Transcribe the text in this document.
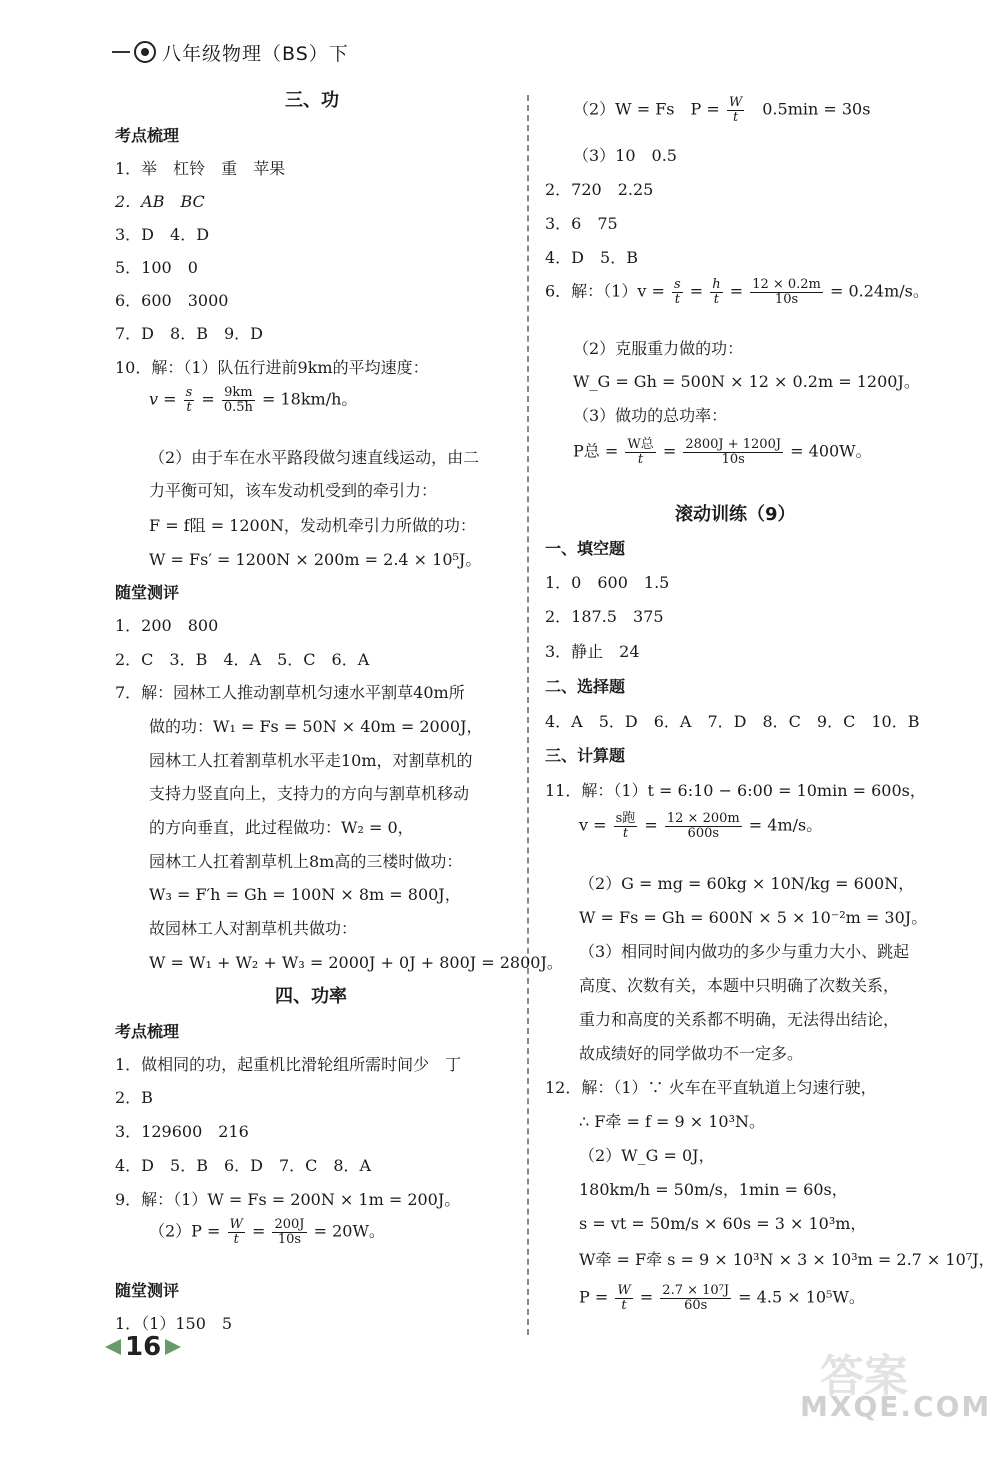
八年级物理（BS）下
三、功
考点梳理
1．举　杠铃　重　苹果
2．AB　BC
3．D　4．D
5．100　0
6．600　3000
7．D　8．B　9．D
10．解：（1）队伍行进前9km的平均速度：
$v = \frac{s}{t} = \frac{9km}{0.5h} = 18km/h$。
（2）由于车在水平路段做匀速直线运动，由二
力平衡可知，该车发动机受到的牵引力：
F = f阻 = 1200N，发动机牵引力所做的功：
W = Fs′ = 1200N × 200m = 2.4 × 10⁵J。
随堂测评
1．200　800
2．C　3．B　4．A　5．C　6．A
7．解：园林工人推动割草机匀速水平割草40m所
做的功：W₁ = Fs = 50N × 40m = 2000J，
园林工人扛着割草机水平走10m，对割草机的
支持力竖直向上，支持力的方向与割草机移动
的方向垂直，此过程做功：W₂ = 0，
园林工人扛着割草机上8m高的三楼时做功：
W₃ = F′h = Gh = 100N × 8m = 800J，
故园林工人对割草机共做功：
W = W₁ + W₂ + W₃ = 2000J + 0J + 800J = 2800J。
四、功率
考点梳理
1．做相同的功，起重机比滑轮组所需时间少　丁
2．B
3．129600　216
4．D　5．B　6．D　7．C　8．A
9．解：（1）W = Fs = 200N × 1m = 200J。
$(2)P = \frac{W}{t} = \frac{200J}{10s} = 20W$。
随堂测评
1．（1）150　5
（2）W = Fs　$P = \frac{W}{t}$ 　0.5min = 30s
（3）10　0.5
2．720　2.25
3．6　75
4．D　5．B
6．解：$(1)v = \frac{s}{t} = \frac{h}{t} = \frac{12 \times 0.2m}{10s} = 0.24m/s$。
（2）克服重力做的功：
W_G = Gh = 500N × 12 × 0.2m = 1200J。
（3）做功的总功率：
P总 = $\frac{\text{W总}}{t} = \frac{2800J + 1200J}{10s} = 400W$。
滚动训练（9）
一、填空题
1．0　600　1.5
2．187.5　375
3．静止　24
二、选择题
4．A　5．D　6．A　7．D　8．C　9．C　10．B
三、计算题
11．解：（1）t = 6:10 − 6:00 = 10min = 600s，
$v = \frac{\text{s跑}}{t} = \frac{12 \times 200m}{600s} = 4m/s$。
（2）G = mg = 60kg × 10N/kg = 600N，
W = Fs = Gh = 600N × 5 × 10⁻²m = 30J。
（3）相同时间内做功的多少与重力大小、跳起
高度、次数有关，本题中只明确了次数关系，
重力和高度的关系都不明确，无法得出结论，
故成绩好的同学做功不一定多。
12．解：（1）∵ 火车在平直轨道上匀速行驶，
∴ F牵 = f = 9 × 10³N。
（2）W_G = 0J，
180km/h = 50m/s，1min = 60s，
s = vt = 50m/s × 60s = 3 × 10³m，
W牵 = F牵 s = 9 × 10³N × 3 × 10³m = 2.7 × 10⁷J，
$P = \frac{W}{t} = \frac{\text{2.7 × 10⁷J}}{60s} = 4.5 \times 10^5W$。
16
答案
MXQE.COM
